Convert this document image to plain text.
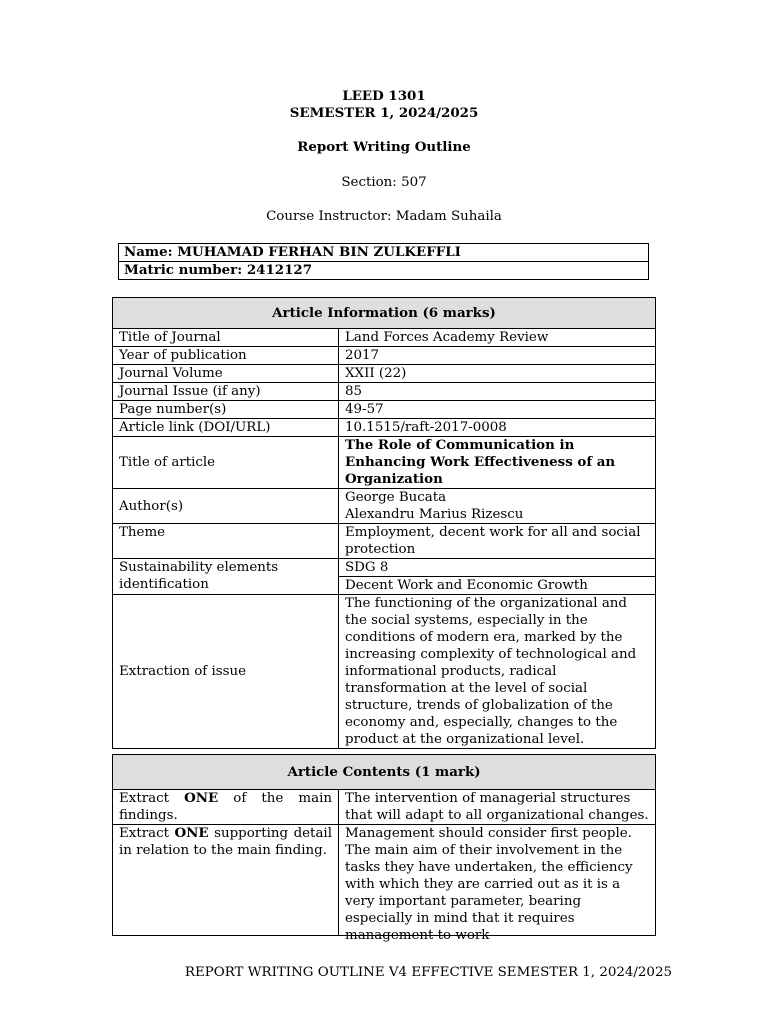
LEED 1301
SEMESTER 1, 2024/2025
Report Writing Outline
Section: 507
Course Instructor: Madam Suhaila
Name: MUHAMAD FERHAN BIN ZULKEFFLI
Matric number: 2412127
Article Information (6 marks)	
Title of Journal	Land Forces Academy Review
Year of publication	2017
Journal Volume	XXII (22)
Journal Issue (if any)	85
Page number(s)	49-57
Article link (DOI/URL)	10.1515/raft-2017-0008
Title of article	The Role of Communication in Enhancing Work Effectiveness of an Organization
Author(s)	George Bucata
Alexandru Marius Rizescu

Theme	Employment, decent work for all and social protection
Sustainability elements identification	SDG 8
	Decent Work and Economic Growth
Extraction of issue	The functioning of the organizational and the social systems, especially in the conditions of modern era, marked by the increasing complexity of technological and informational products, radical transformation at the level of social structure, trends of globalization of the economy and, especially, changes to the product at the organizational level.
Article Contents (1 mark)	

Extract ONE of the main findings.	The intervention of managerial structures that will adapt to all organizational changes.
Extract ONE supporting detail in relation to the main finding.	Management should consider first people. The main aim of their involvement in the tasks they have undertaken, the efficiency with which they are carried out as it is a very important parameter, bearing especially in mind that it requires management to work
REPORT WRITING OUTLINE V4 EFFECTIVE SEMESTER 1, 2024/2025
